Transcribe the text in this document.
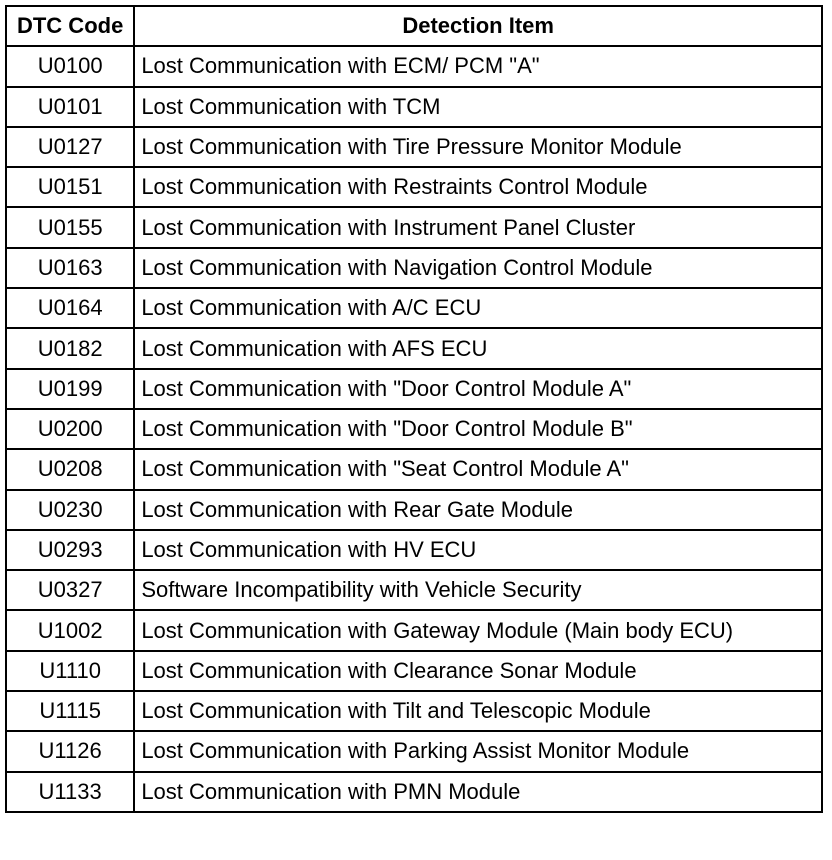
DTC Code	Detection Item
U0100	Lost Communication with ECM/ PCM "A"
U0101	Lost Communication with TCM
U0127	Lost Communication with Tire Pressure Monitor Module
U0151	Lost Communication with Restraints Control Module
U0155	Lost Communication with Instrument Panel Cluster
U0163	Lost Communication with Navigation Control Module
U0164	Lost Communication with A/C ECU
U0182	Lost Communication with AFS ECU
U0199	Lost Communication with "Door Control Module A"
U0200	Lost Communication with "Door Control Module B"
U0208	Lost Communication with "Seat Control Module A"
U0230	Lost Communication with Rear Gate Module
U0293	Lost Communication with HV ECU
U0327	Software Incompatibility with Vehicle Security
U1002	Lost Communication with Gateway Module (Main body ECU)
U1110	Lost Communication with Clearance Sonar Module
U1115	Lost Communication with Tilt and Telescopic Module
U1126	Lost Communication with Parking Assist Monitor Module
U1133	Lost Communication with PMN Module
